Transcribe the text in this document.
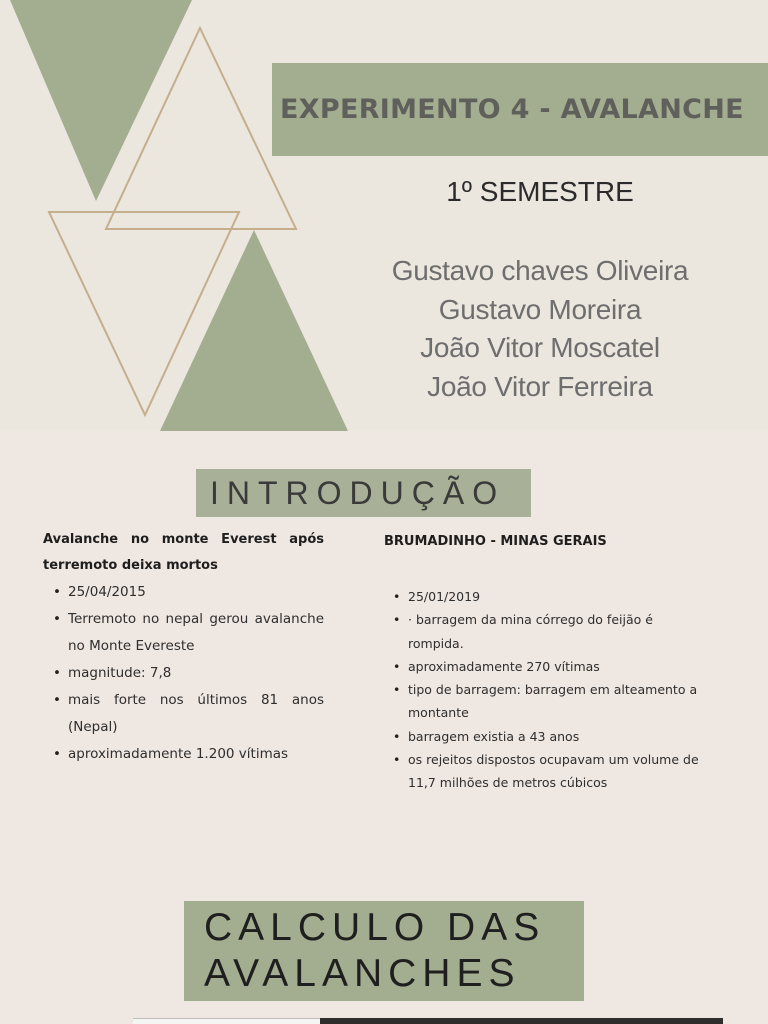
EXPERIMENTO 4 - AVALANCHE
1º SEMESTRE
Gustavo chaves Oliveira
Gustavo Moreira
João Vitor Moscatel
João Vitor Ferreira
INTRODUÇÃO
Avalanche no monte Everest após terremoto deixa mortos
• 25/04/2015
• Terremoto no nepal gerou avalanche no Monte Evereste
• magnitude: 7,8
• mais forte nos últimos 81 anos (Nepal)
• aproximadamente 1.200 vítimas
BRUMADINHO - MINAS GERAIS
• 25/01/2019
• · barragem da mina córrego do feijão é rompida.
• aproximadamente 270 vítimas
• tipo de barragem: barragem em alteamento a montante
• barragem existia a 43 anos
• os rejeitos dispostos ocupavam um volume de 11,7 milhões de metros cúbicos
CALCULO DAS
AVALANCHES
